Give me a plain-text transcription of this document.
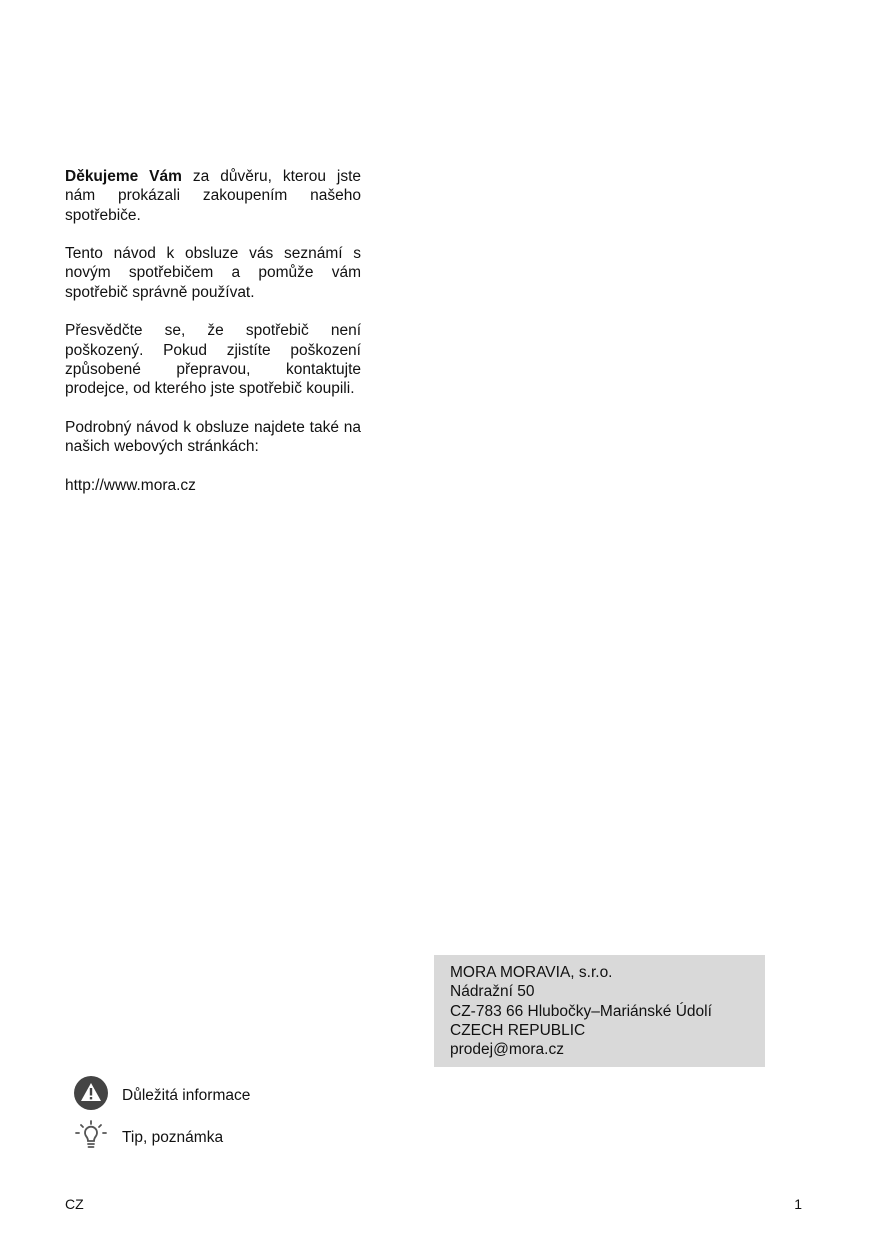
Děkujeme Vám za důvěru, kterou jste nám prokázali zakoupením našeho spotřebiče.

Tento návod k obsluze vás seznámí s novým spotřebičem a pomůže vám spotřebič správně používat.

Přesvědčte se, že spotřebič není poškozený. Pokud zjistíte poškození způsobené přepravou, kontaktujte prodejce, od kterého jste spotřebič koupili.

Podrobný návod k obsluze najdete také na našich webových stránkách:

http://www.mora.cz

MORA MORAVIA, s.r.o.
Nádražní 50
CZ-783 66 Hlubočky–Mariánské Údolí
CZECH REPUBLIC
prodej@mora.cz
Důležitá informace
Tip, poznámka
CZ	1
